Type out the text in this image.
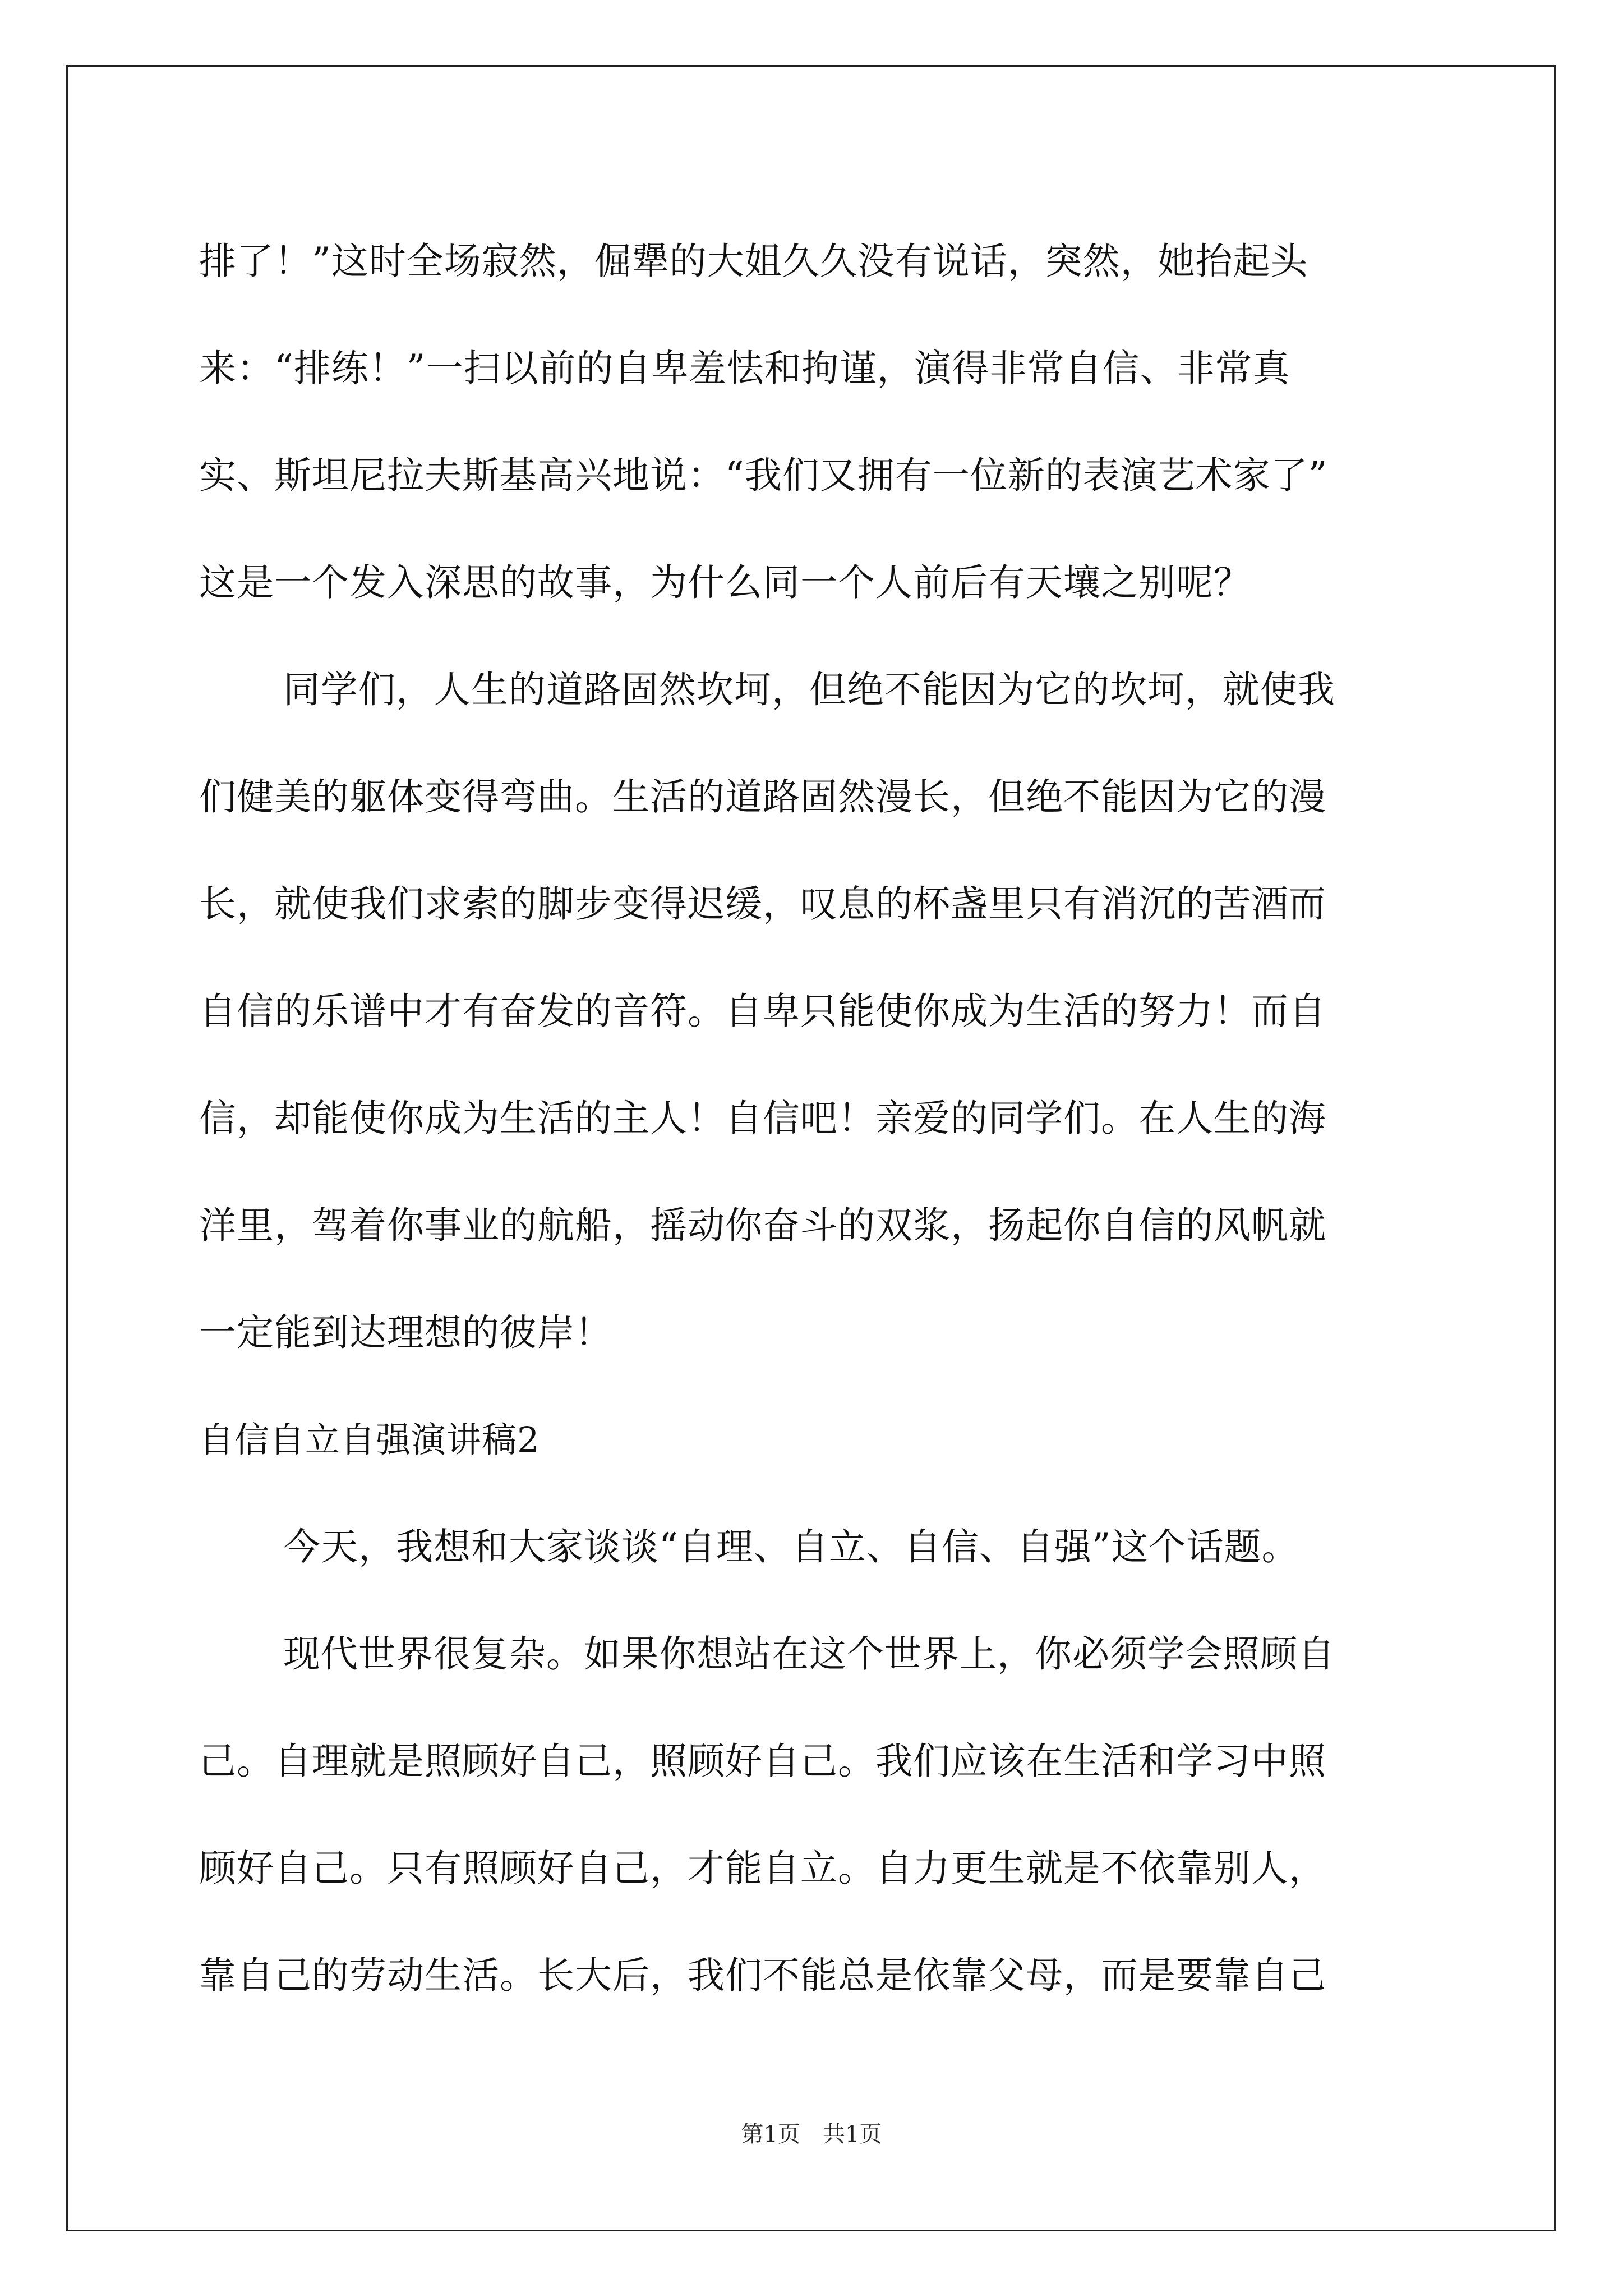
排了！”这时全场寂然，倔犟的大姐久久没有说话，突然，她抬起头
来：“排练！”一扫以前的自卑羞怯和拘谨，演得非常自信、非常真
实、斯坦尼拉夫斯基高兴地说：“我们又拥有一位新的表演艺术家了”
这是一个发入深思的故事，为什么同一个人前后有天壤之别呢？
同学们，人生的道路固然坎坷，但绝不能因为它的坎坷，就使我
们健美的躯体变得弯曲。生活的道路固然漫长，但绝不能因为它的漫
长，就使我们求索的脚步变得迟缓，叹息的杯盏里只有消沉的苦酒而
自信的乐谱中才有奋发的音符。自卑只能使你成为生活的努力！而自
信，却能使你成为生活的主人！自信吧！亲爱的同学们。在人生的海
洋里，驾着你事业的航船，摇动你奋斗的双浆，扬起你自信的风帆就
一定能到达理想的彼岸！
自信自立自强演讲稿2
今天，我想和大家谈谈“自理、自立、自信、自强”这个话题。
现代世界很复杂。如果你想站在这个世界上，你必须学会照顾自
己。自理就是照顾好自己，照顾好自己。我们应该在生活和学习中照
顾好自己。只有照顾好自己，才能自立。自力更生就是不依靠别人，
靠自己的劳动生活。长大后，我们不能总是依靠父母，而是要靠自己
第1页　共1页
